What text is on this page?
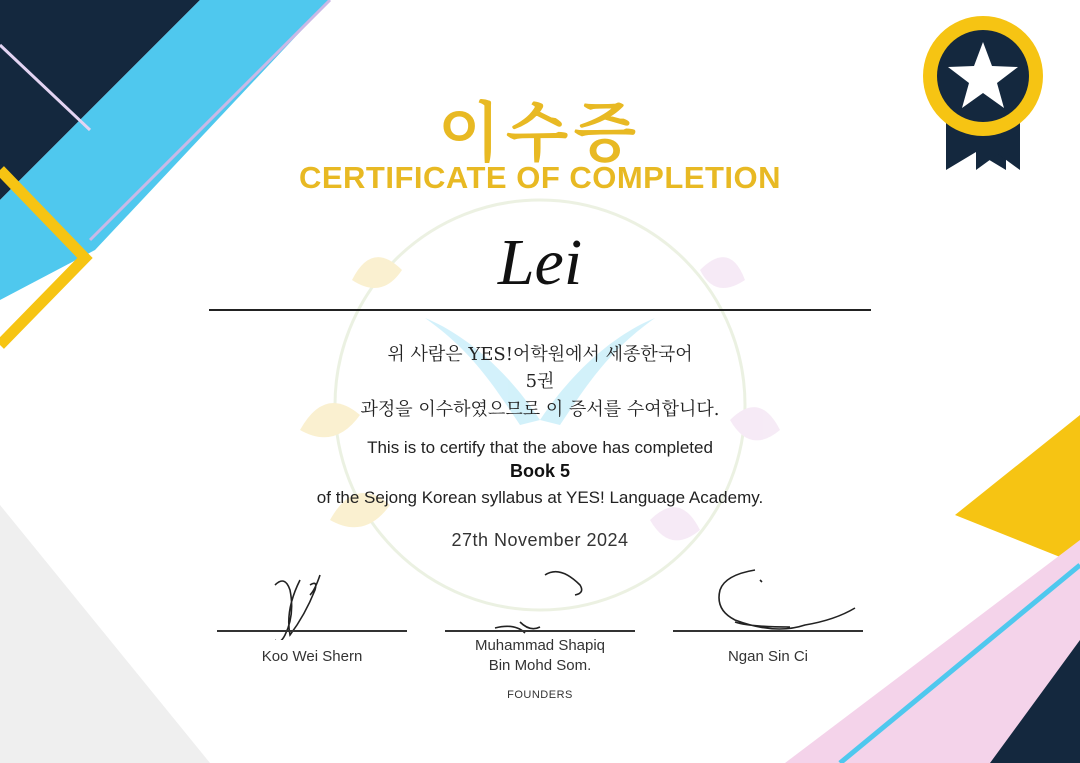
이수증
CERTIFICATE OF COMPLETION
Lei
위 사람은 YES!어학원에서 세종한국어
5권
과정을 이수하였으므로 이 증서를 수여합니다.
This is to certify that the above has completed
Book 5
of the Sejong Korean syllabus at YES! Language Academy.
27th November 2024
Koo Wei Shern
Muhammad Shapiq
Bin Mohd Som.
Ngan Sin Ci
FOUNDERS
